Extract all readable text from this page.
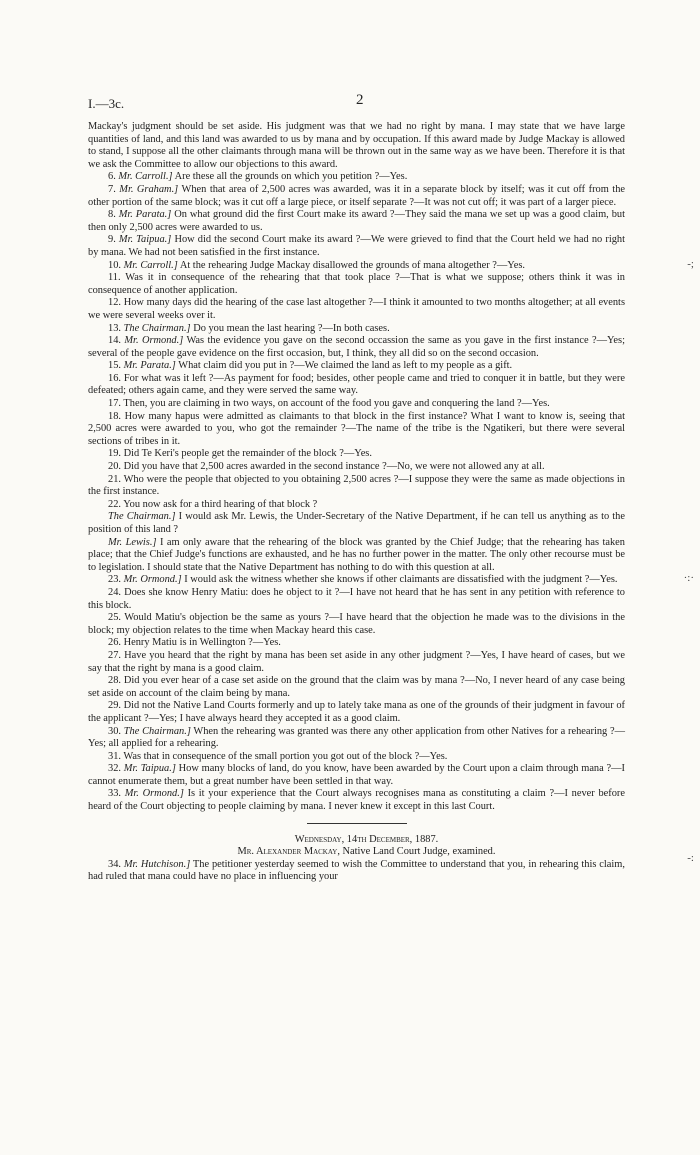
I.—3c.	2

Mackay's judgment should be set aside. His judgment was that we had no right by mana. I may state that we have large quantities of land, and this land was awarded to us by mana and by occupation. If this award made by Judge Mackay is allowed to stand, I suppose all the other claimants through mana will be thrown out in the same way as we have been. Therefore it is that we ask the Committee to allow our objections to this award.

6. Mr. Carroll.] Are these all the grounds on which you petition ?—Yes.

7. Mr. Graham.] When that area of 2,500 acres was awarded, was it in a separate block by itself; was it cut off from the other portion of the same block; was it cut off a large piece, or itself separate ?—It was not cut off; it was part of a larger piece.

8. Mr. Parata.] On what ground did the first Court make its award ?—They said the mana we set up was a good claim, but then only 2,500 acres were awarded to us.

9. Mr. Taipua.] How did the second Court make its award ?—We were grieved to find that the Court held we had no right by mana. We had not been satisfied in the first instance.

10. Mr. Carroll.] At the rehearing Judge Mackay disallowed the grounds of mana altogether ?—Yes.

11. Was it in consequence of the rehearing that that took place ?—That is what we suppose; others think it was in consequence of another application.

12. How many days did the hearing of the case last altogether ?—I think it amounted to two months altogether; at all events we were several weeks over it.

13. The Chairman.] Do you mean the last hearing ?—In both cases.

14. Mr. Ormond.] Was the evidence you gave on the second occassion the same as you gave in the first instance ?—Yes; several of the people gave evidence on the first occasion, but, I think, they all did so on the second occasion.

15. Mr. Parata.] What claim did you put in ?—We claimed the land as left to my people as a gift.

16. For what was it left ?—As payment for food; besides, other people came and tried to conquer it in battle, but they were defeated; others again came, and they were served the same way.

17. Then, you are claiming in two ways, on account of the food you gave and conquering the land ?—Yes.

18. How many hapus were admitted as claimants to that block in the first instance? What I want to know is, seeing that 2,500 acres were awarded to you, who got the remainder ?—The name of the tribe is the Ngatikeri, but there were several sections of tribes in it.

19. Did Te Keri's people get the remainder of the block ?—Yes.

20. Did you have that 2,500 acres awarded in the second instance ?—No, we were not allowed any at all.

21. Who were the people that objected to you obtaining 2,500 acres ?—I suppose they were the same as made objections in the first instance.

22. You now ask for a third hearing of that block ?

The Chairman.] I would ask Mr. Lewis, the Under-Secretary of the Native Department, if he can tell us anything as to the position of this land ?

Mr. Lewis.] I am only aware that the rehearing of the block was granted by the Chief Judge; that the rehearing has taken place; that the Chief Judge's functions are exhausted, and he has no further power in the matter. The only other recourse must be to legislation. I should state that the Native Department has nothing to do with this question at all.

23. Mr. Ormond.] I would ask the witness whether she knows if other claimants are dissatisfied with the judgment ?—Yes.

24. Does she know Henry Matiu: does he object to it ?—I have not heard that he has sent in any petition with reference to this block.

25. Would Matiu's objection be the same as yours ?—I have heard that the objection he made was to the divisions in the block; my objection relates to the time when Mackay heard this case.

26. Henry Matiu is in Wellington ?—Yes.

27. Have you heard that the right by mana has been set aside in any other judgment ?—Yes, I have heard of cases, but we say that the right by mana is a good claim.

28. Did you ever hear of a case set aside on the ground that the claim was by mana ?—No, I never heard of any case being set aside on account of the claim being by mana.

29. Did not the Native Land Courts formerly and up to lately take mana as one of the grounds of their judgment in favour of the applicant ?—Yes; I have always heard they accepted it as a good claim.

30. The Chairman.] When the rehearing was granted was there any other application from other Natives for a rehearing ?—Yes; all applied for a rehearing.

31. Was that in consequence of the small portion you got out of the block ?—Yes.

32. Mr. Taipua.] How many blocks of land, do you know, have been awarded by the Court upon a claim through mana ?—I cannot enumerate them, but a great number have been settled in that way.

33. Mr. Ormond.] Is it your experience that the Court always recognises mana as constituting a claim ?—I never before heard of the Court objecting to people claiming by mana. I never knew it except in this last Court.

Wednesday, 14th December, 1887.

Mr. Alexander Mackay, Native Land Court Judge, examined.

34. Mr. Hutchison.] The petitioner yesterday seemed to wish the Committee to understand that you, in rehearing this claim, had ruled that mana could have no place in influencing your

-;
·:·
-:
